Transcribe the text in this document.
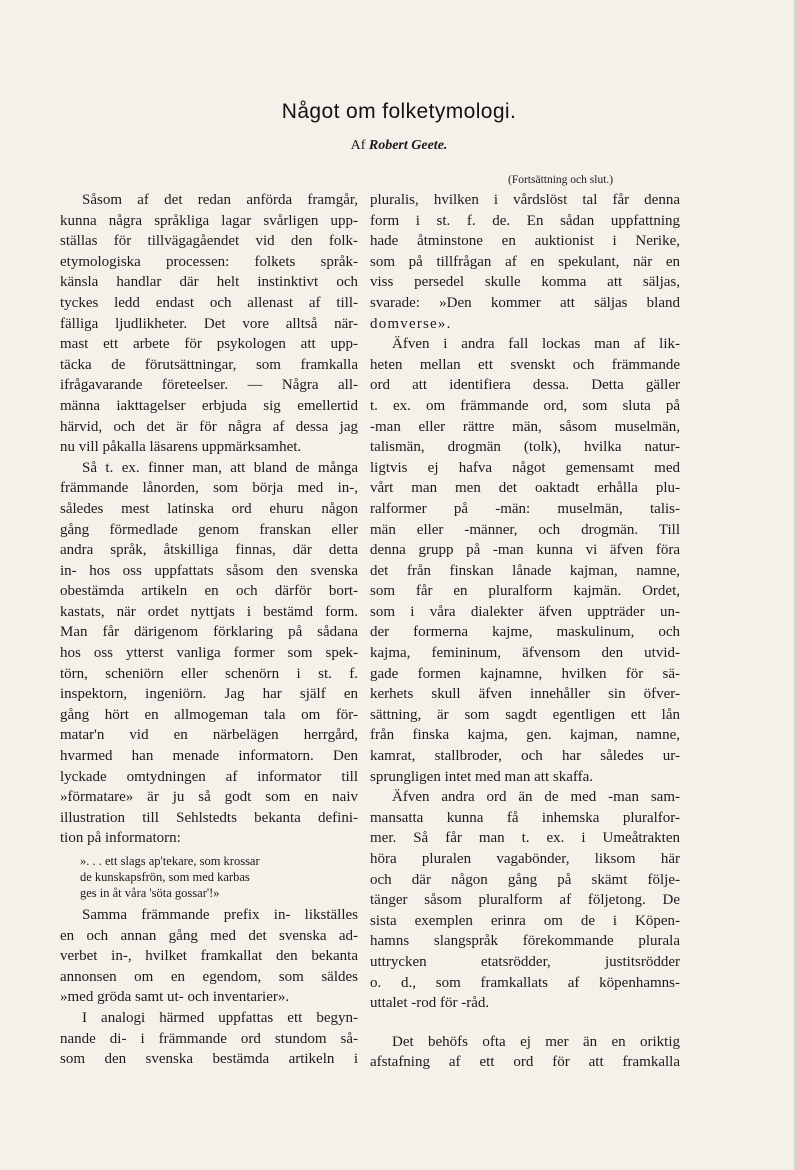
Något om folketymologi.
Af Robert Geete.
(Fortsättning och slut.)

Såsom af det redan anförda framgår,

kunna några språkliga lagar svårligen upp-

ställas för tillvägagåendet vid den folk-

etymologiska processen: folkets språk-

känsla handlar där helt instinktivt och

tyckes ledd endast och allenast af till-

fälliga ljudlikheter. Det vore alltså när-

mast ett arbete för psykologen att upp-

täcka de förutsättningar, som framkalla

ifrågavarande företeelser. — Några all-

männa iakttagelser erbjuda sig emellertid

härvid, och det är för några af dessa jag

nu vill påkalla läsarens uppmärksamhet.

Så t. ex. finner man, att bland de många

främmande lånorden, som börja med in-,

således mest latinska ord ehuru någon

gång förmedlade genom franskan eller

andra språk, åtskilliga finnas, där detta

in- hos oss uppfattats såsom den svenska

obestämda artikeln en och därför bort-

kastats, när ordet nyttjats i bestämd form.

Man får därigenom förklaring på sådana

hos oss ytterst vanliga former som spek-

törn, scheniörn eller schenörn i st. f.

inspektorn, ingeniörn. Jag har själf en

gång hört en allmogeman tala om för-

matar'n vid en närbelägen herrgård,

hvarmed han menade informatorn. Den

lyckade omtydningen af informator till

»förmatare» är ju så godt som en naiv

illustration till Sehlstedts bekanta defini-

tion på informatorn:

». . . ett slags ap'tekare, som krossar
de kunskapsfrön, som med karbas
ges in åt våra 'söta gossar'!»

Samma främmande prefix in- likställes

en och annan gång med det svenska ad-

verbet in-, hvilket framkallat den bekanta

annonsen om en egendom, som säldes

»med gröda samt ut- och inventarier».

I analogi härmed uppfattas ett begyn-

nande di- i främmande ord stundom så-

som den svenska bestämda artikeln i

pluralis, hvilken i vårdslöst tal får denna

form i st. f. de. En sådan uppfattning

hade åtminstone en auktionist i Nerike,

som på tillfrågan af en spekulant, när en

viss persedel skulle komma att säljas,

svarade: »Den kommer att säljas bland

domverse».

Äfven i andra fall lockas man af lik-

heten mellan ett svenskt och främmande

ord att identifiera dessa. Detta gäller

t. ex. om främmande ord, som sluta på

-man eller rättre män, såsom muselmän,

talismän, drogmän (tolk), hvilka natur-

ligtvis ej hafva något gemensamt med

vårt man men det oaktadt erhålla plu-

ralformer på -män: muselmän, talis-

män eller -männer, och drogmän. Till

denna grupp på -man kunna vi äfven föra

det från finskan lånade kajman, namne,

som får en pluralform kajmän. Ordet,

som i våra dialekter äfven uppträder un-

der formerna kajme, maskulinum, och

kajma, femininum, äfvensom den utvid-

gade formen kajnamne, hvilken för sä-

kerhets skull äfven innehåller sin öfver-

sättning, är som sagdt egentligen ett lån

från finska kajma, gen. kajman, namne,

kamrat, stallbroder, och har således ur-

sprungligen intet med man att skaffa.

Äfven andra ord än de med -man sam-

mansatta kunna få inhemska pluralfor-

mer. Så får man t. ex. i Umeåtrakten

höra pluralen vagabönder, liksom här

och där någon gång på skämt följe-

tänger såsom pluralform af följetong. De

sista exemplen erinra om de i Köpen-

hamns slangspråk förekommande plurala

uttrycken etatsrödder, justitsrödder

o. d., som framkallats af köpenhamns-

uttalet -rod för -råd.

Det behöfs ofta ej mer än en oriktig

afstafning af ett ord för att framkalla
